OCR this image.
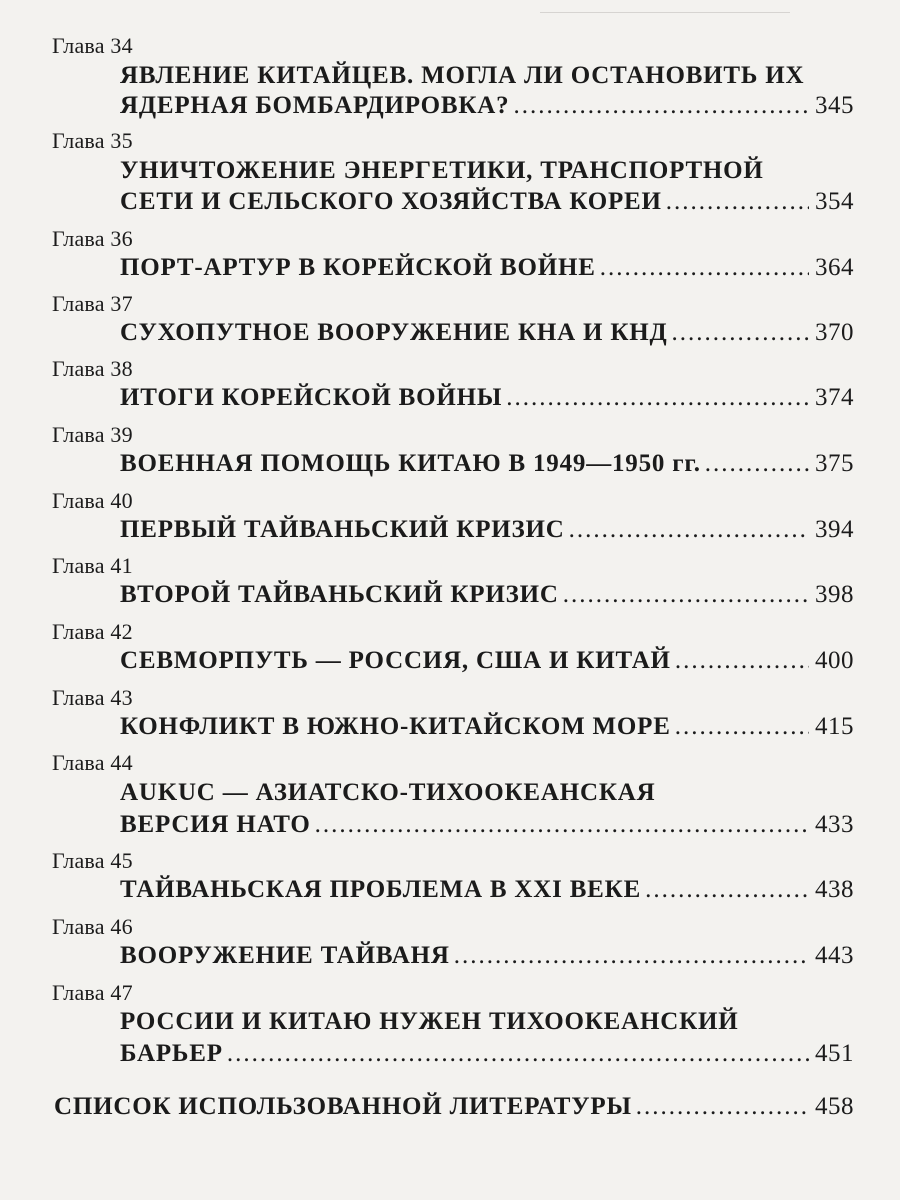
Глава 34
ЯВЛЕНИЕ КИТАЙЦЕВ. МОГЛА ЛИ ОСТАНОВИТЬ ИХ
ЯДЕРНАЯ БОМБАРДИРОВКА? .....	345
Глава 35
УНИЧТОЖЕНИЕ ЭНЕРГЕТИКИ, ТРАНСПОРТНОЙ
СЕТИ И СЕЛЬСКОГО ХОЗЯЙСТВА КОРЕИ .....	354
Глава 36
ПОРТ-АРТУР В КОРЕЙСКОЙ ВОЙНЕ .....	364
Глава 37
СУХОПУТНОЕ ВООРУЖЕНИЕ КНА И КНД .....	370
Глава 38
ИТОГИ КОРЕЙСКОЙ ВОЙНЫ .....	374
Глава 39
ВОЕННАЯ ПОМОЩЬ КИТАЮ В 1949—1950 гг. .....	375
Глава 40
ПЕРВЫЙ ТАЙВАНЬСКИЙ КРИЗИС .....	394
Глава 41
ВТОРОЙ ТАЙВАНЬСКИЙ КРИЗИС .....	398
Глава 42
СЕВМОРПУТЬ — РОССИЯ, США И КИТАЙ .....	400
Глава 43
КОНФЛИКТ В ЮЖНО-КИТАЙСКОМ МОРЕ .....	415
Глава 44
AUKUC — АЗИАТСКО-ТИХООКЕАНСКАЯ
ВЕРСИЯ НАТО .....	433
Глава 45
ТАЙВАНЬСКАЯ ПРОБЛЕМА В XXI ВЕКЕ .....	438
Глава 46
ВООРУЖЕНИЕ ТАЙВАНЯ .....	443
Глава 47
РОССИИ И КИТАЮ НУЖЕН ТИХООКЕАНСКИЙ
БАРЬЕР .....	451
СПИСОК ИСПОЛЬЗОВАННОЙ ЛИТЕРАТУРЫ .....	458
